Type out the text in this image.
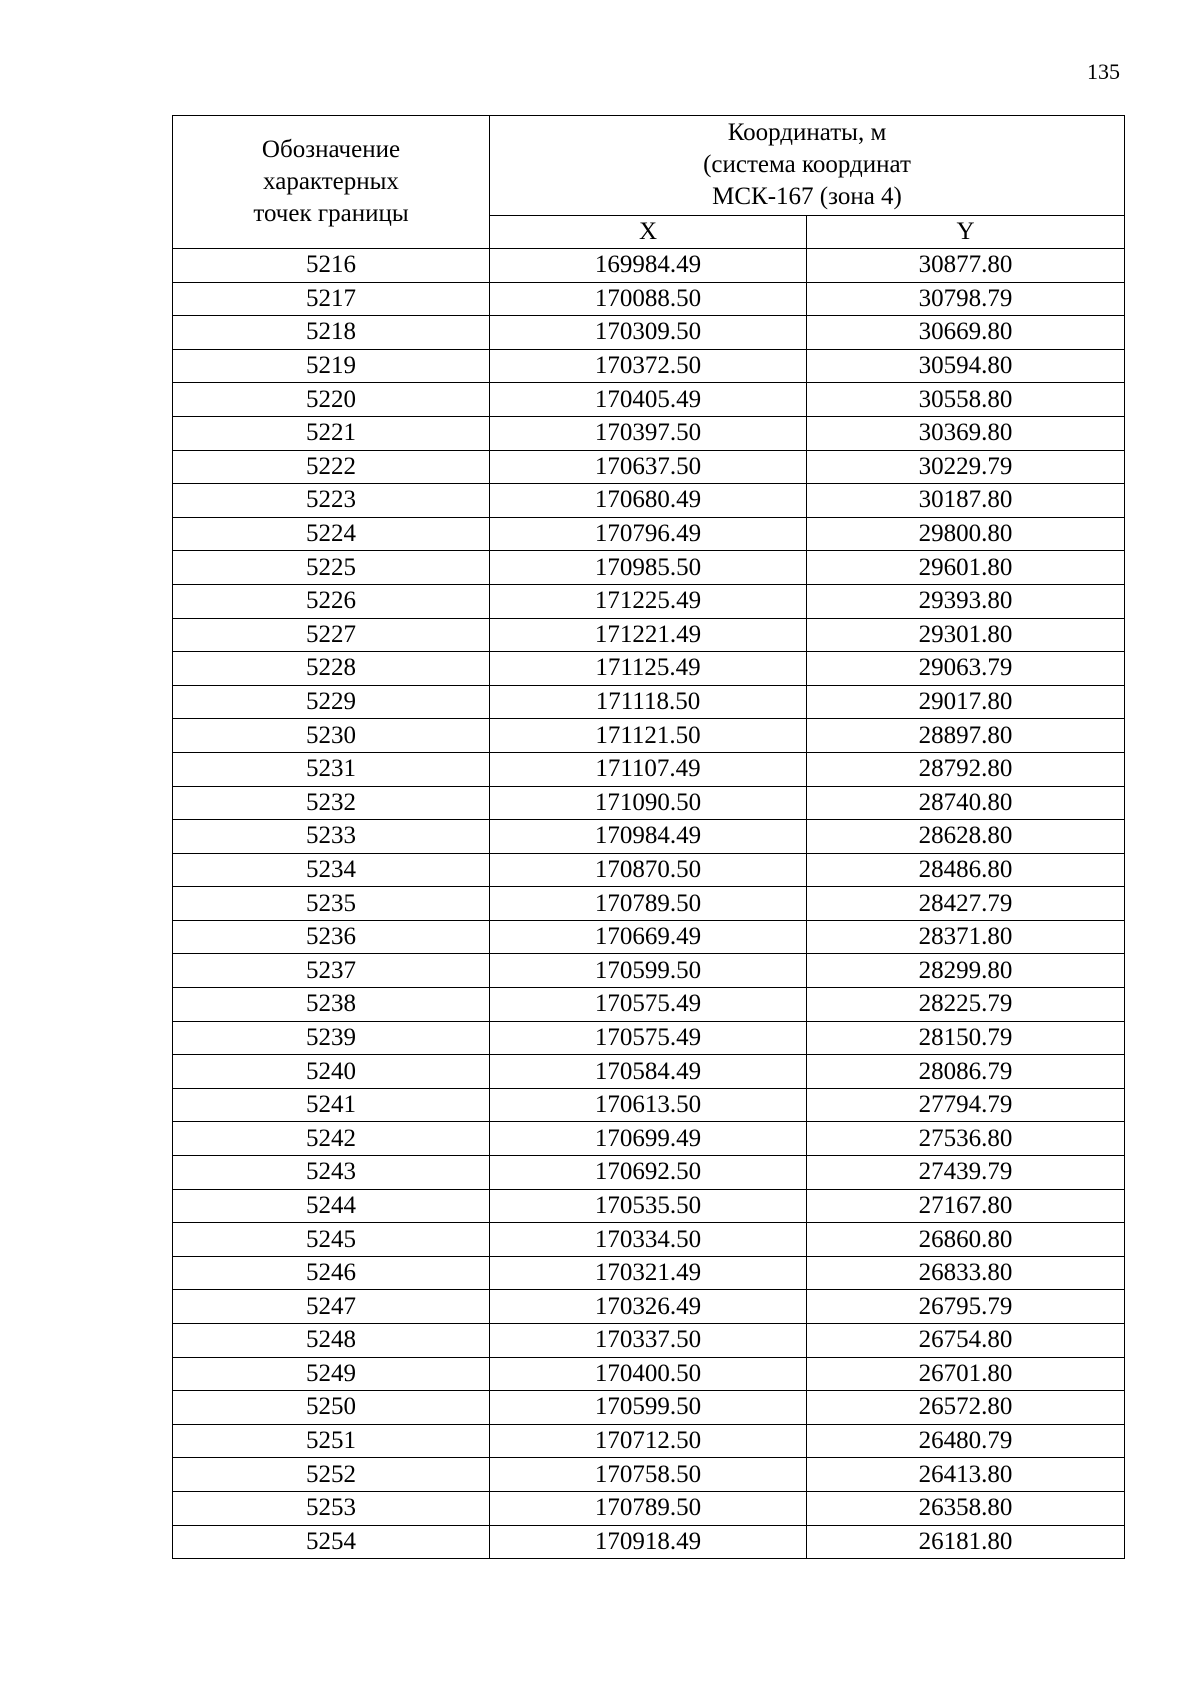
135
Обозначение
характерных
точек границы	Координаты, м
(система координат
МСК-167 (зона 4)	

	X	Y
5216	169984.49	30877.80
5217	170088.50	30798.79
5218	170309.50	30669.80
5219	170372.50	30594.80
5220	170405.49	30558.80
5221	170397.50	30369.80
5222	170637.50	30229.79
5223	170680.49	30187.80
5224	170796.49	29800.80
5225	170985.50	29601.80
5226	171225.49	29393.80
5227	171221.49	29301.80
5228	171125.49	29063.79
5229	171118.50	29017.80
5230	171121.50	28897.80
5231	171107.49	28792.80
5232	171090.50	28740.80
5233	170984.49	28628.80
5234	170870.50	28486.80
5235	170789.50	28427.79
5236	170669.49	28371.80
5237	170599.50	28299.80
5238	170575.49	28225.79
5239	170575.49	28150.79
5240	170584.49	28086.79
5241	170613.50	27794.79
5242	170699.49	27536.80
5243	170692.50	27439.79
5244	170535.50	27167.80
5245	170334.50	26860.80
5246	170321.49	26833.80
5247	170326.49	26795.79
5248	170337.50	26754.80
5249	170400.50	26701.80
5250	170599.50	26572.80
5251	170712.50	26480.79
5252	170758.50	26413.80
5253	170789.50	26358.80
5254	170918.49	26181.80
